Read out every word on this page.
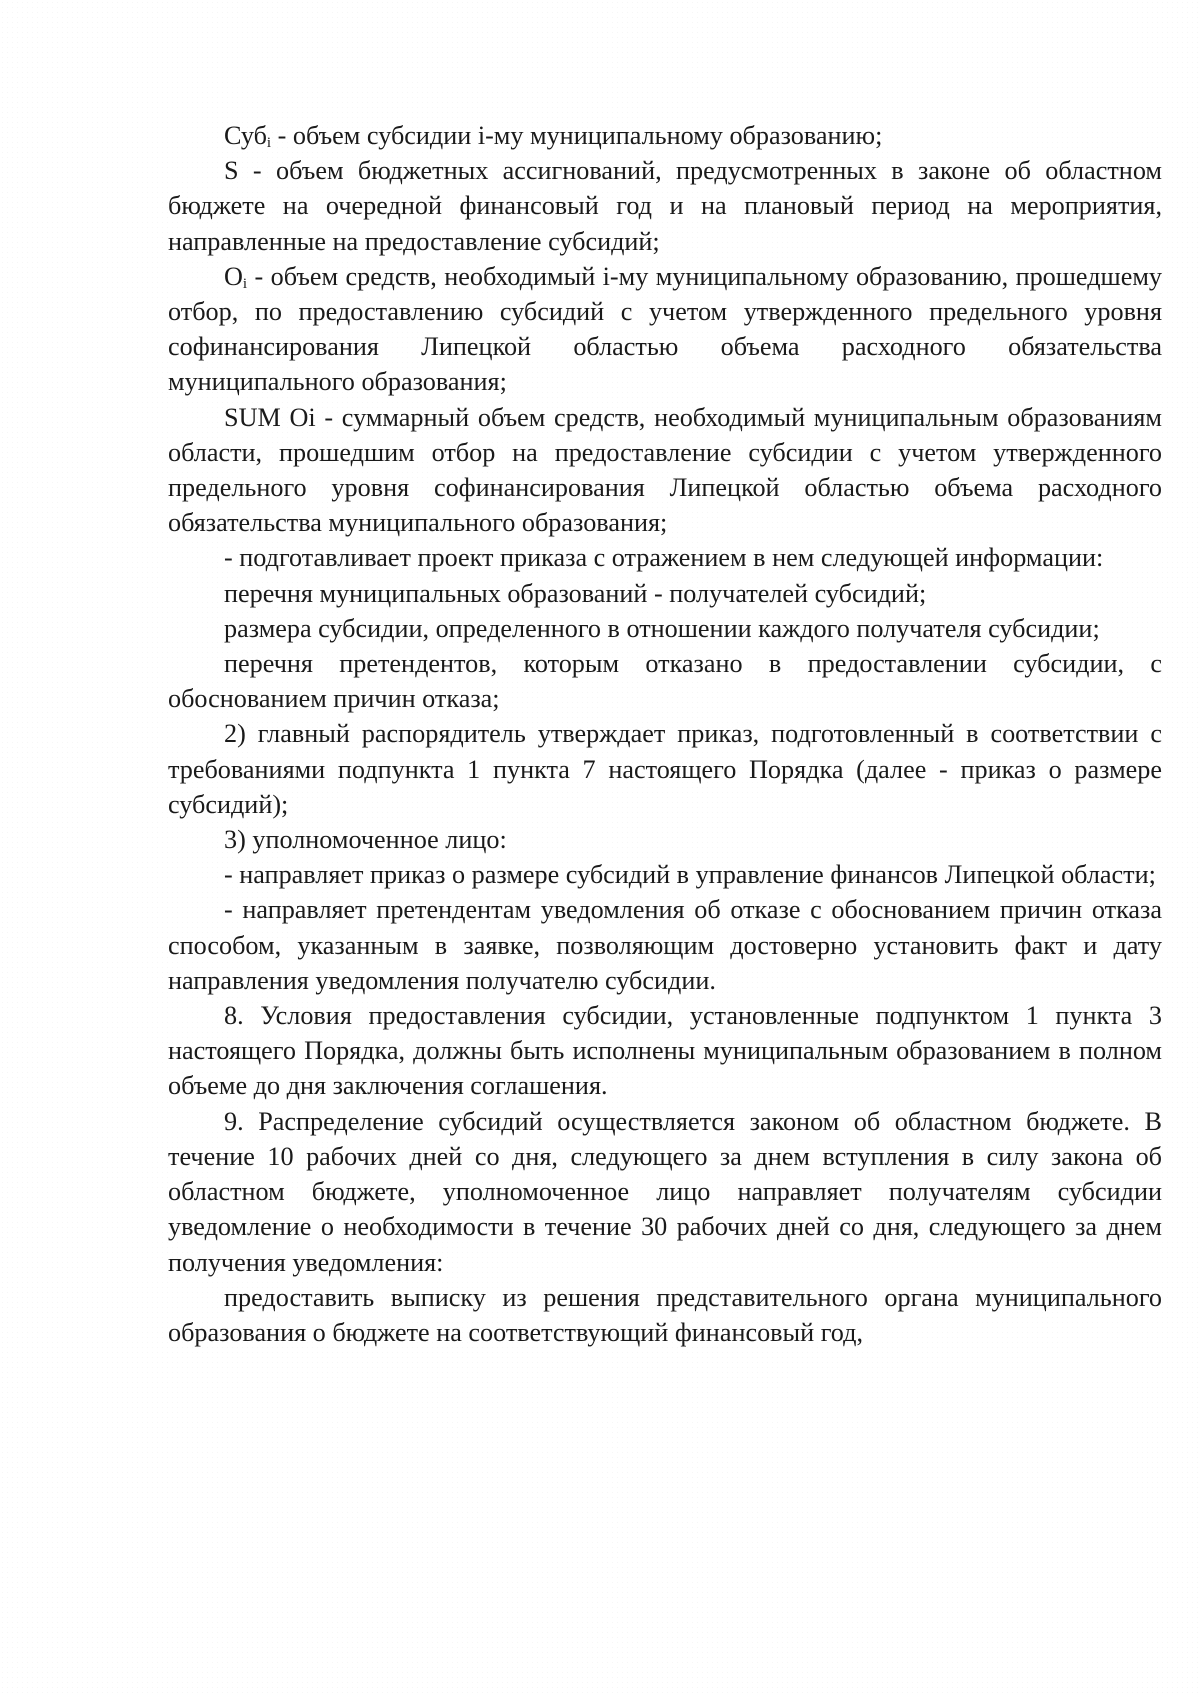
Суб$_i$ - объем субсидии i-му муниципальному образованию;

S - объем бюджетных ассигнований, предусмотренных в законе об областном бюджете на очередной финансовый год и на плановый период на мероприятия, направленные на предоставление субсидий;

$O_i$ - объем средств, необходимый i-му муниципальному образованию, прошедшему отбор, по предоставлению субсидий с учетом утвержденного предельного уровня софинансирования Липецкой областью объема расходного обязательства муниципального образования;

SUM Oi - суммарный объем средств, необходимый муниципальным образованиям области, прошедшим отбор на предоставление субсидии с учетом утвержденного предельного уровня софинансирования Липецкой областью объема расходного обязательства муниципального образования;

- подготавливает проект приказа с отражением в нем следующей информации:

перечня муниципальных образований - получателей субсидий;

размера субсидии, определенного в отношении каждого получателя субсидии;

перечня претендентов, которым отказано в предоставлении субсидии, с обоснованием причин отказа;

2) главный распорядитель утверждает приказ, подготовленный в соответствии с требованиями подпункта 1 пункта 7 настоящего Порядка (далее - приказ о размере субсидий);

3) уполномоченное лицо:

- направляет приказ о размере субсидий в управление финансов Липецкой области;

- направляет претендентам уведомления об отказе с обоснованием причин отказа способом, указанным в заявке, позволяющим достоверно установить факт и дату направления уведомления получателю субсидии.

8. Условия предоставления субсидии, установленные подпунктом 1 пункта 3 настоящего Порядка, должны быть исполнены муниципальным образованием в полном объеме до дня заключения соглашения.

9. Распределение субсидий осуществляется законом об областном бюджете. В течение 10 рабочих дней со дня, следующего за днем вступления в силу закона об областном бюджете, уполномоченное лицо направляет получателям субсидии уведомление о необходимости в течение 30 рабочих дней со дня, следующего за днем получения уведомления:

предоставить выписку из решения представительного органа муниципального образования о бюджете на соответствующий финансовый год,
